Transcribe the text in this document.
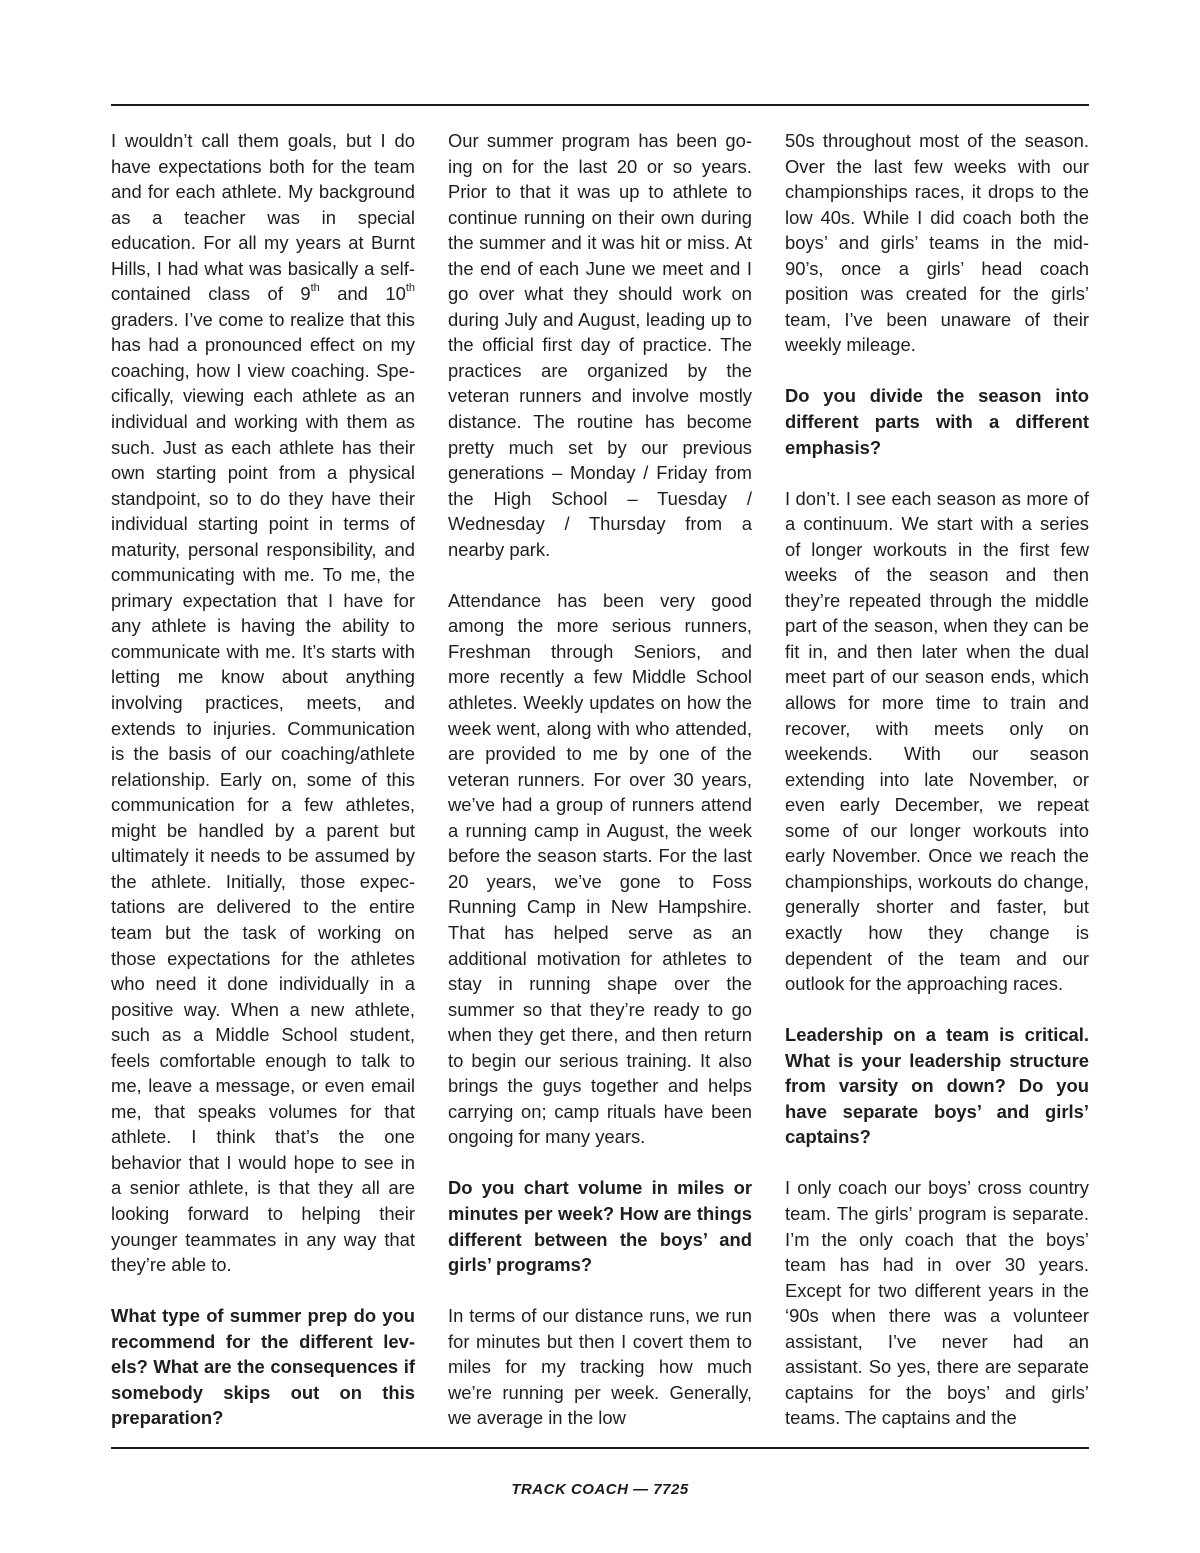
I wouldn’t call them goals, but I do have expectations both for the team and for each athlete. My background as a teacher was in special education. For all my years at Burnt Hills, I had what was basically a self-contained class of 9th and 10th graders. I’ve come to realize that this has had a pronounced effect on my coaching, how I view coaching. Specifically, viewing each athlete as an individual and working with them as such. Just as each athlete has their own starting point from a physical standpoint, so to do they have their individual starting point in terms of maturity, personal responsibility, and communicating with me. To me, the primary expectation that I have for any athlete is having the ability to communicate with me. It’s starts with letting me know about anything involving practices, meets, and extends to injuries. Communication is the basis of our coaching/athlete relationship. Early on, some of this communication for a few athletes, might be handled by a parent but ultimately it needs to be assumed by the athlete. Initially, those expectations are delivered to the entire team but the task of working on those expectations for the athletes who need it done individually in a positive way. When a new athlete, such as a Middle School student, feels comfortable enough to talk to me, leave a message, or even email me, that speaks volumes for that athlete. I think that’s the one behavior that I would hope to see in a senior athlete, is that they all are looking forward to helping their younger teammates in any way that they’re able to.

What type of summer prep do you recommend for the different levels? What are the consequences if somebody skips out on this preparation?

Our summer program has been going on for the last 20 or so years. Prior to that it was up to athlete to continue running on their own during the summer and it was hit or miss. At the end of each June we meet and I go over what they should work on during July and August, leading up to the official first day of practice. The practices are organized by the veteran runners and involve mostly distance. The routine has become pretty much set by our previous generations – Monday / Friday from the High School – Tuesday / Wednesday / Thursday from a nearby park.

Attendance has been very good among the more serious runners, Freshman through Seniors, and more recently a few Middle School athletes. Weekly updates on how the week went, along with who attended, are provided to me by one of the veteran runners. For over 30 years, we’ve had a group of runners attend a running camp in August, the week before the season starts. For the last 20 years, we’ve gone to Foss Running Camp in New Hampshire. That has helped serve as an additional motivation for athletes to stay in running shape over the summer so that they’re ready to go when they get there, and then return to begin our serious training. It also brings the guys together and helps carrying on; camp rituals have been ongoing for many years.

Do you chart volume in miles or minutes per week? How are things different between the boys’ and girls’ programs?

In terms of our distance runs, we run for minutes but then I covert them to miles for my tracking how much we’re running per week. Generally, we average in the low

50s throughout most of the season. Over the last few weeks with our championships races, it drops to the low 40s. While I did coach both the boys’ and girls’ teams in the mid-90’s, once a girls’ head coach position was created for the girls’ team, I’ve been unaware of their weekly mileage.

Do you divide the season into different parts with a different emphasis?

I don’t. I see each season as more of a continuum. We start with a series of longer workouts in the first few weeks of the season and then they’re repeated through the middle part of the season, when they can be fit in, and then later when the dual meet part of our season ends, which allows for more time to train and recover, with meets only on weekends. With our season extending into late November, or even early December, we repeat some of our longer workouts into early November. Once we reach the championships, workouts do change, generally shorter and faster, but exactly how they change is dependent of the team and our outlook for the approaching races.

Leadership on a team is critical. What is your leadership structure from varsity on down? Do you have separate boys’ and girls’ captains?

I only coach our boys’ cross country team. The girls’ program is separate. I’m the only coach that the boys’ team has had in over 30 years. Except for two different years in the ‘90s when there was a volunteer assistant, I’ve never had an assistant. So yes, there are separate captains for the boys’ and girls’ teams. The captains and the

TRACK COACH — 7725
